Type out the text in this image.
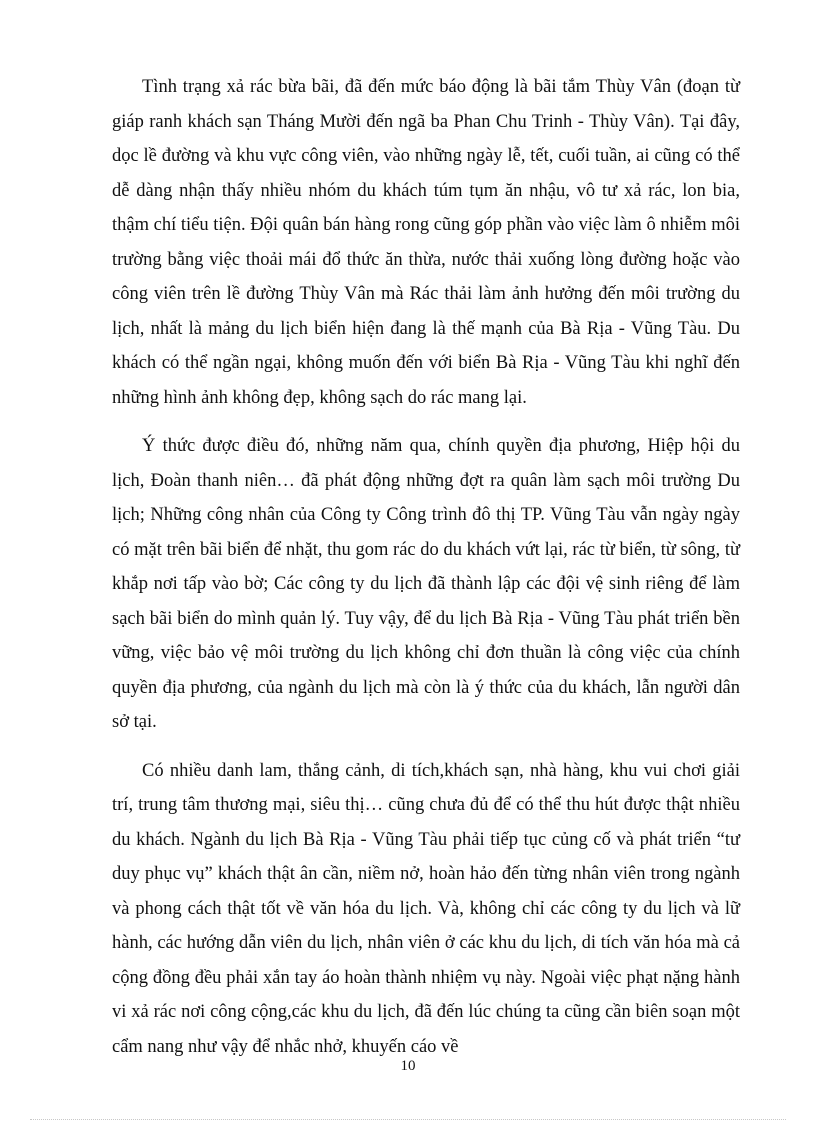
Tình trạng xả rác bừa bãi, đã đến mức báo động là bãi tắm Thùy Vân (đoạn từ giáp ranh khách sạn Tháng Mười đến ngã ba Phan Chu Trinh - Thùy Vân). Tại đây, dọc lề đường và khu vực công viên, vào những ngày lễ, tết, cuối tuần, ai cũng có thể dễ dàng nhận thấy nhiều nhóm du khách túm tụm ăn nhậu, vô tư xả rác, lon bia, thậm chí tiểu tiện. Đội quân bán hàng rong cũng góp phần vào việc làm ô nhiễm môi trường bằng việc thoải mái đổ thức ăn thừa, nước thải xuống lòng đường hoặc vào công viên trên lề đường Thùy Vân mà Rác thải làm ảnh hưởng đến môi trường du lịch, nhất là mảng du lịch biển hiện đang là thế mạnh của Bà Rịa - Vũng Tàu. Du khách có thể ngần ngại, không muốn đến với biển Bà Rịa - Vũng Tàu khi nghĩ đến những hình ảnh không đẹp, không sạch do rác mang lại.

Ý thức được điều đó, những năm qua, chính quyền địa phương, Hiệp hội du lịch, Đoàn thanh niên… đã phát động những đợt ra quân làm sạch môi trường Du lịch; Những công nhân của Công ty Công trình đô thị TP. Vũng Tàu vẫn ngày ngày có mặt trên bãi biển để nhặt, thu gom rác do du khách vứt lại, rác từ biển, từ sông, từ khắp nơi tấp vào bờ; Các công ty du lịch đã thành lập các đội vệ sinh riêng để làm sạch bãi biển do mình quản lý. Tuy vậy, để du lịch Bà Rịa - Vũng Tàu phát triển bền vững, việc bảo vệ môi trường du lịch không chỉ đơn thuần là công việc của chính quyền địa phương, của ngành du lịch mà còn là ý thức của du khách, lẫn người dân sở tại.

Có nhiều danh lam, thắng cảnh, di tích,khách sạn, nhà hàng, khu vui chơi giải trí, trung tâm thương mại, siêu thị… cũng chưa đủ để có thể thu hút được thật nhiều du khách. Ngành du lịch Bà Rịa - Vũng Tàu phải tiếp tục củng cố và phát triển “tư duy phục vụ” khách thật ân cần, niềm nở, hoàn hảo đến từng nhân viên trong ngành và phong cách thật tốt về văn hóa du lịch. Và, không chỉ các công ty du lịch và lữ hành, các hướng dẫn viên du lịch, nhân viên ở các khu du lịch, di tích văn hóa mà cả cộng đồng đều phải xắn tay áo hoàn thành nhiệm vụ này. Ngoài việc phạt nặng hành vi xả rác nơi công cộng,các khu du lịch, đã đến lúc chúng ta cũng cần biên soạn một cẩm nang như vậy để nhắc nhở, khuyến cáo về

10
